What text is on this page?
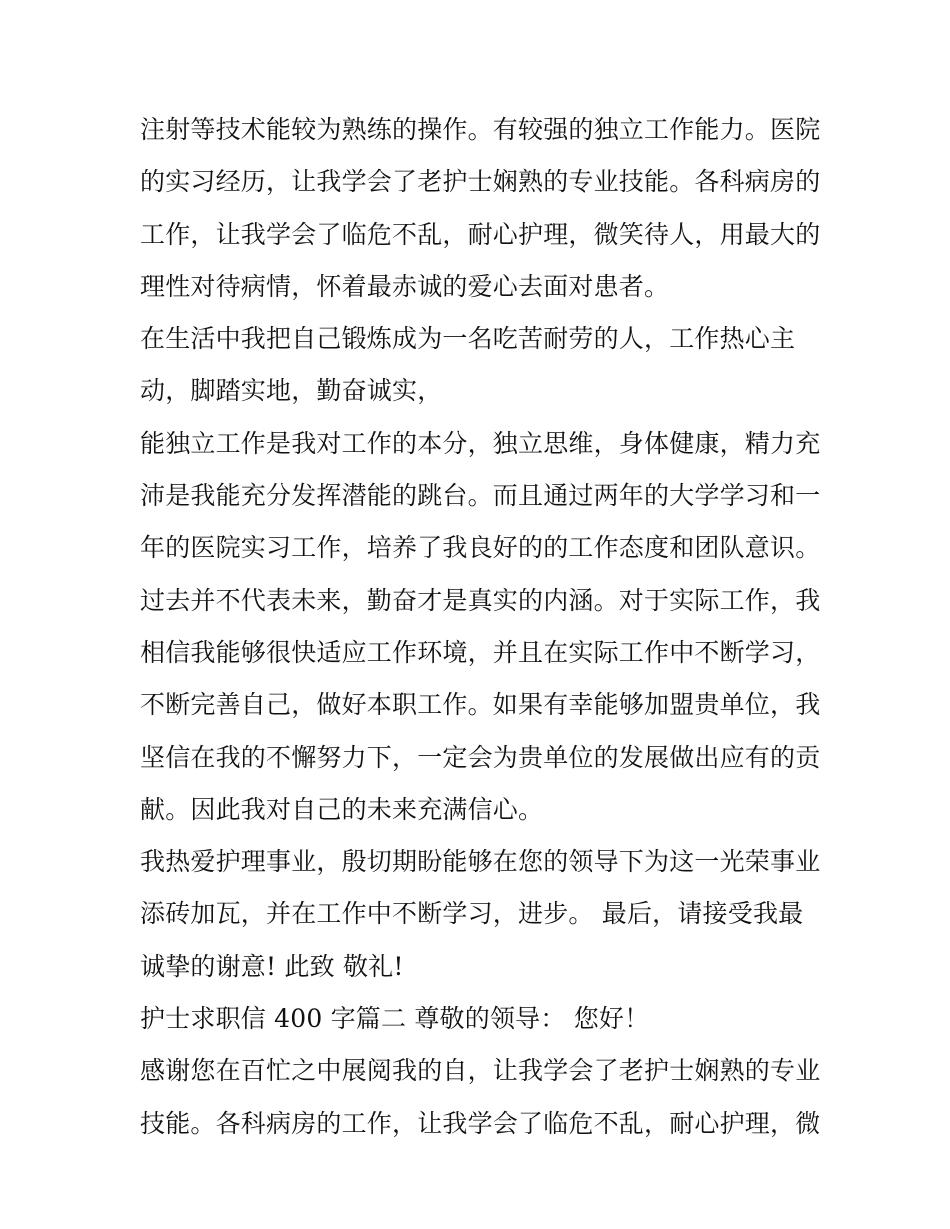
注射等技术能较为熟练的操作。有较强的独立工作能力。医院
的实习经历，让我学会了老护士娴熟的专业技能。各科病房的
工作，让我学会了临危不乱，耐心护理，微笑待人，用最大的
理性对待病情，怀着最赤诚的爱心去面对患者。
在生活中我把自己锻炼成为一名吃苦耐劳的人，工作热心主
动，脚踏实地，勤奋诚实，
能独立工作是我对工作的本分，独立思维，身体健康，精力充
沛是我能充分发挥潜能的跳台。而且通过两年的大学学习和一
年的医院实习工作，培养了我良好的的工作态度和团队意识。
过去并不代表未来，勤奋才是真实的内涵。对于实际工作，我
相信我能够很快适应工作环境，并且在实际工作中不断学习，
不断完善自己，做好本职工作。如果有幸能够加盟贵单位，我
坚信在我的不懈努力下，一定会为贵单位的发展做出应有的贡
献。因此我对自己的未来充满信心。
我热爱护理事业，殷切期盼能够在您的领导下为这一光荣事业
添砖加瓦，并在工作中不断学习，进步。 最后，请接受我最
诚挚的谢意! 此致 敬礼!
护士求职信 400 字篇二 尊敬的领导： 您好！
感谢您在百忙之中展阅我的自，让我学会了老护士娴熟的专业
技能。各科病房的工作，让我学会了临危不乱，耐心护理，微
